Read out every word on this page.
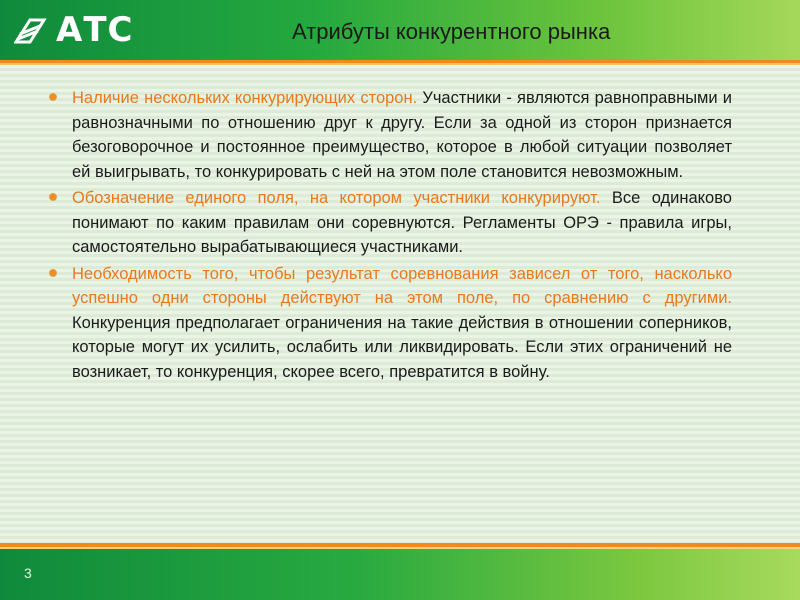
АТС	Атрибуты конкурентного рынка

Наличие нескольких конкурирующих сторон. Участники - являются равноправными и равнозначными по отношению друг к другу. Если за одной из сторон признается безоговорочное и постоянное преимущество, которое в любой ситуации позволяет ей выигрывать, то конкурировать с ней на этом поле становится невозможным.

Обозначение единого поля, на котором участники конкурируют. Все одинаково понимают по каким правилам они соревнуются. Регламенты ОРЭ - правила игры, самостоятельно вырабатывающиеся участниками.

Необходимость того, чтобы результат соревнования зависел от того, насколько успешно одни стороны действуют на этом поле, по сравнению с другими. Конкуренция предполагает ограничения на такие действия в отношении соперников, которые могут их усилить, ослабить или ликвидировать. Если этих ограничений не возникает, то конкуренция, скорее всего, превратится в войну.

3
